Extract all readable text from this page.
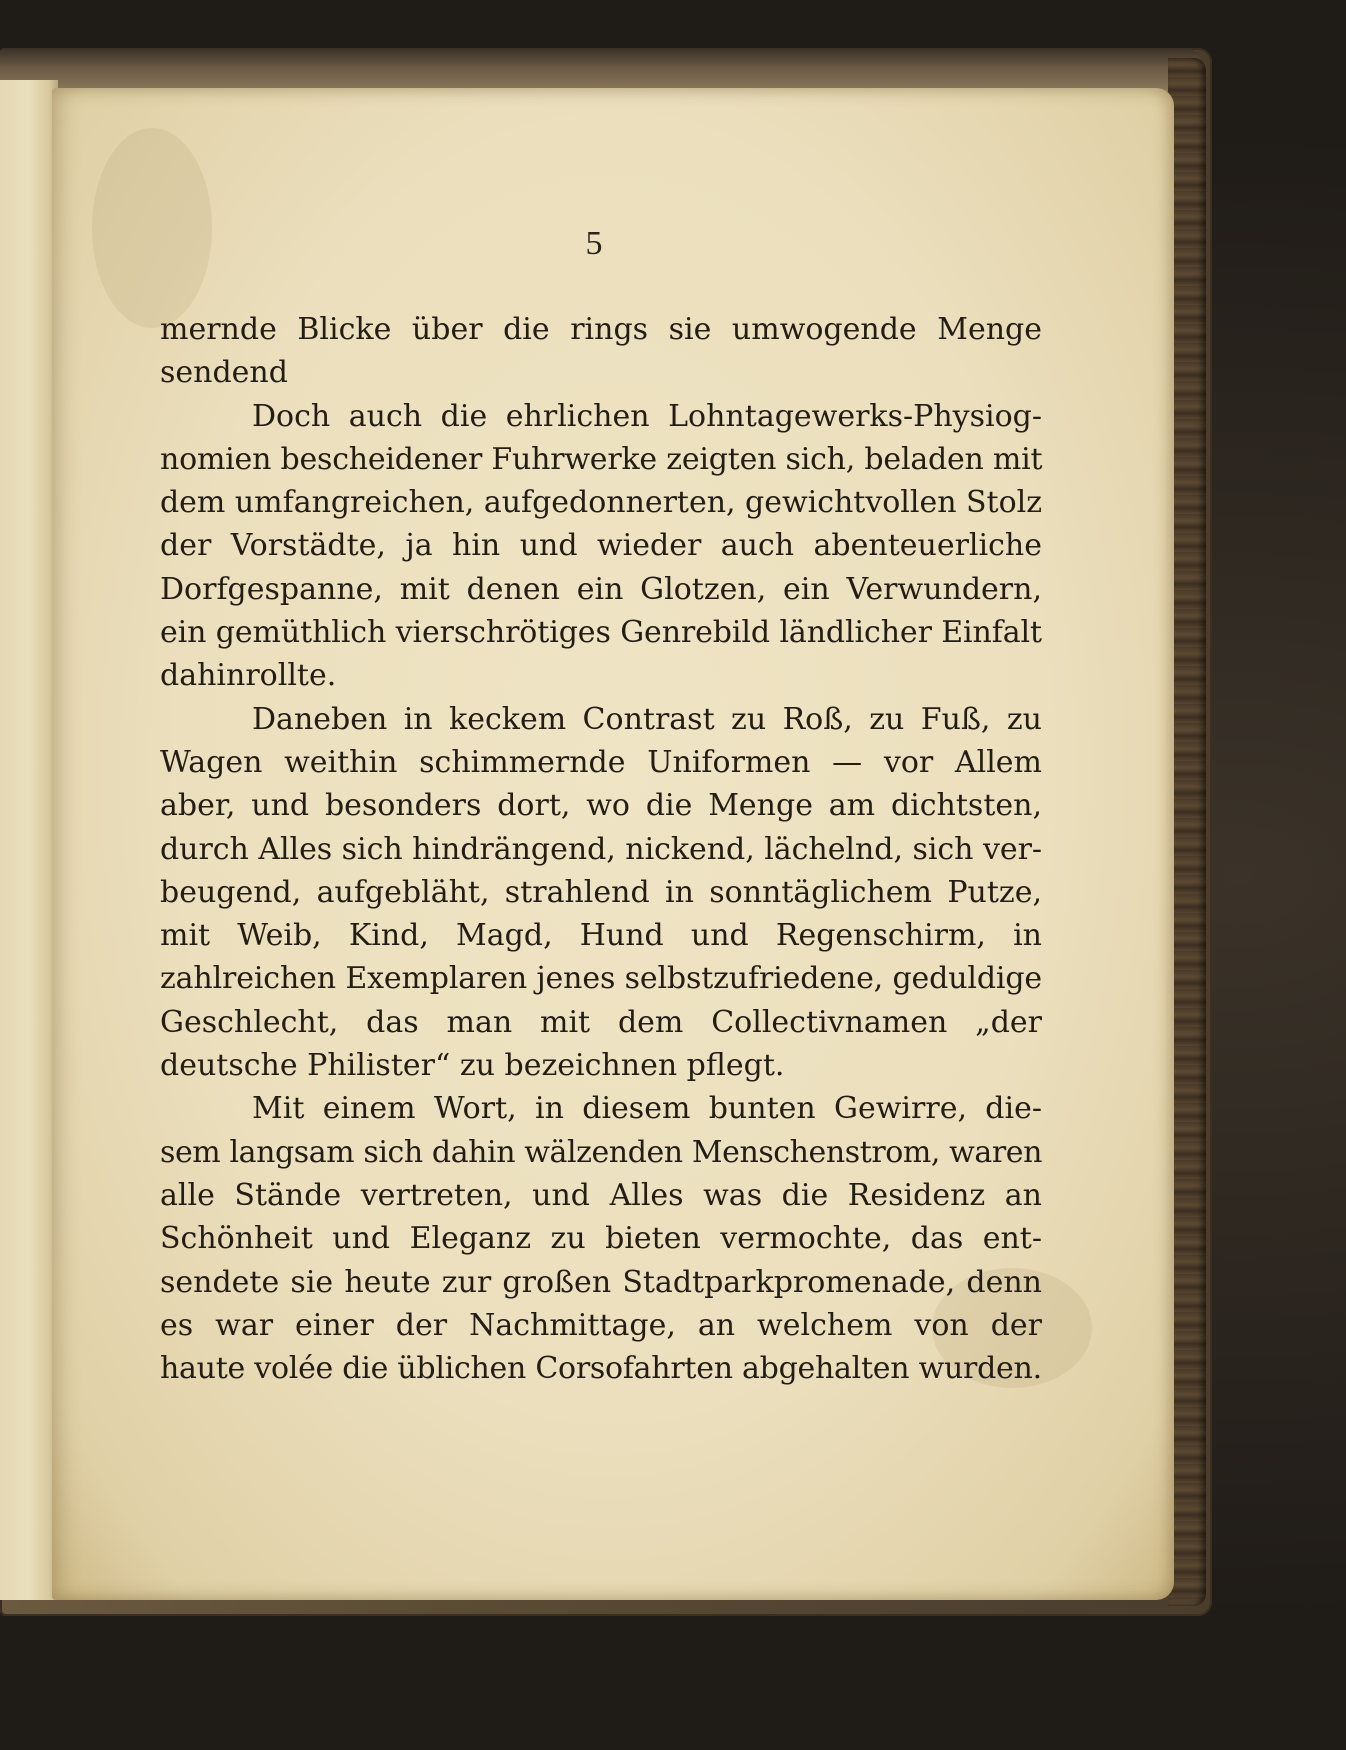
5
mernde Blicke über die rings sie umwogende Menge
sendend
Doch auch die ehrlichen Lohntagewerks-Physiog-
nomien bescheidener Fuhrwerke zeigten sich, beladen mit
dem umfangreichen, aufgedonnerten, gewichtvollen Stolz
der Vorstädte, ja hin und wieder auch abenteuerliche
Dorfgespanne, mit denen ein Glotzen, ein Verwundern,
ein gemüthlich vierschrötiges Genrebild ländlicher Einfalt
dahinrollte.
Daneben in keckem Contrast zu Roß, zu Fuß, zu
Wagen weithin schimmernde Uniformen — vor Allem
aber, und besonders dort, wo die Menge am dichtsten,
durch Alles sich hindrängend, nickend, lächelnd, sich ver-
beugend, aufgebläht, strahlend in sonntäglichem Putze,
mit Weib, Kind, Magd, Hund und Regenschirm, in
zahlreichen Exemplaren jenes selbstzufriedene, geduldige
Geschlecht, das man mit dem Collectivnamen „der
deutsche Philister“ zu bezeichnen pflegt.
Mit einem Wort, in diesem bunten Gewirre, die-
sem langsam sich dahin wälzenden Menschenstrom, waren
alle Stände vertreten, und Alles was die Residenz an
Schönheit und Eleganz zu bieten vermochte, das ent-
sendete sie heute zur großen Stadtparkpromenade, denn
es war einer der Nachmittage, an welchem von der
haute volée die üblichen Corsofahrten abgehalten wurden.
